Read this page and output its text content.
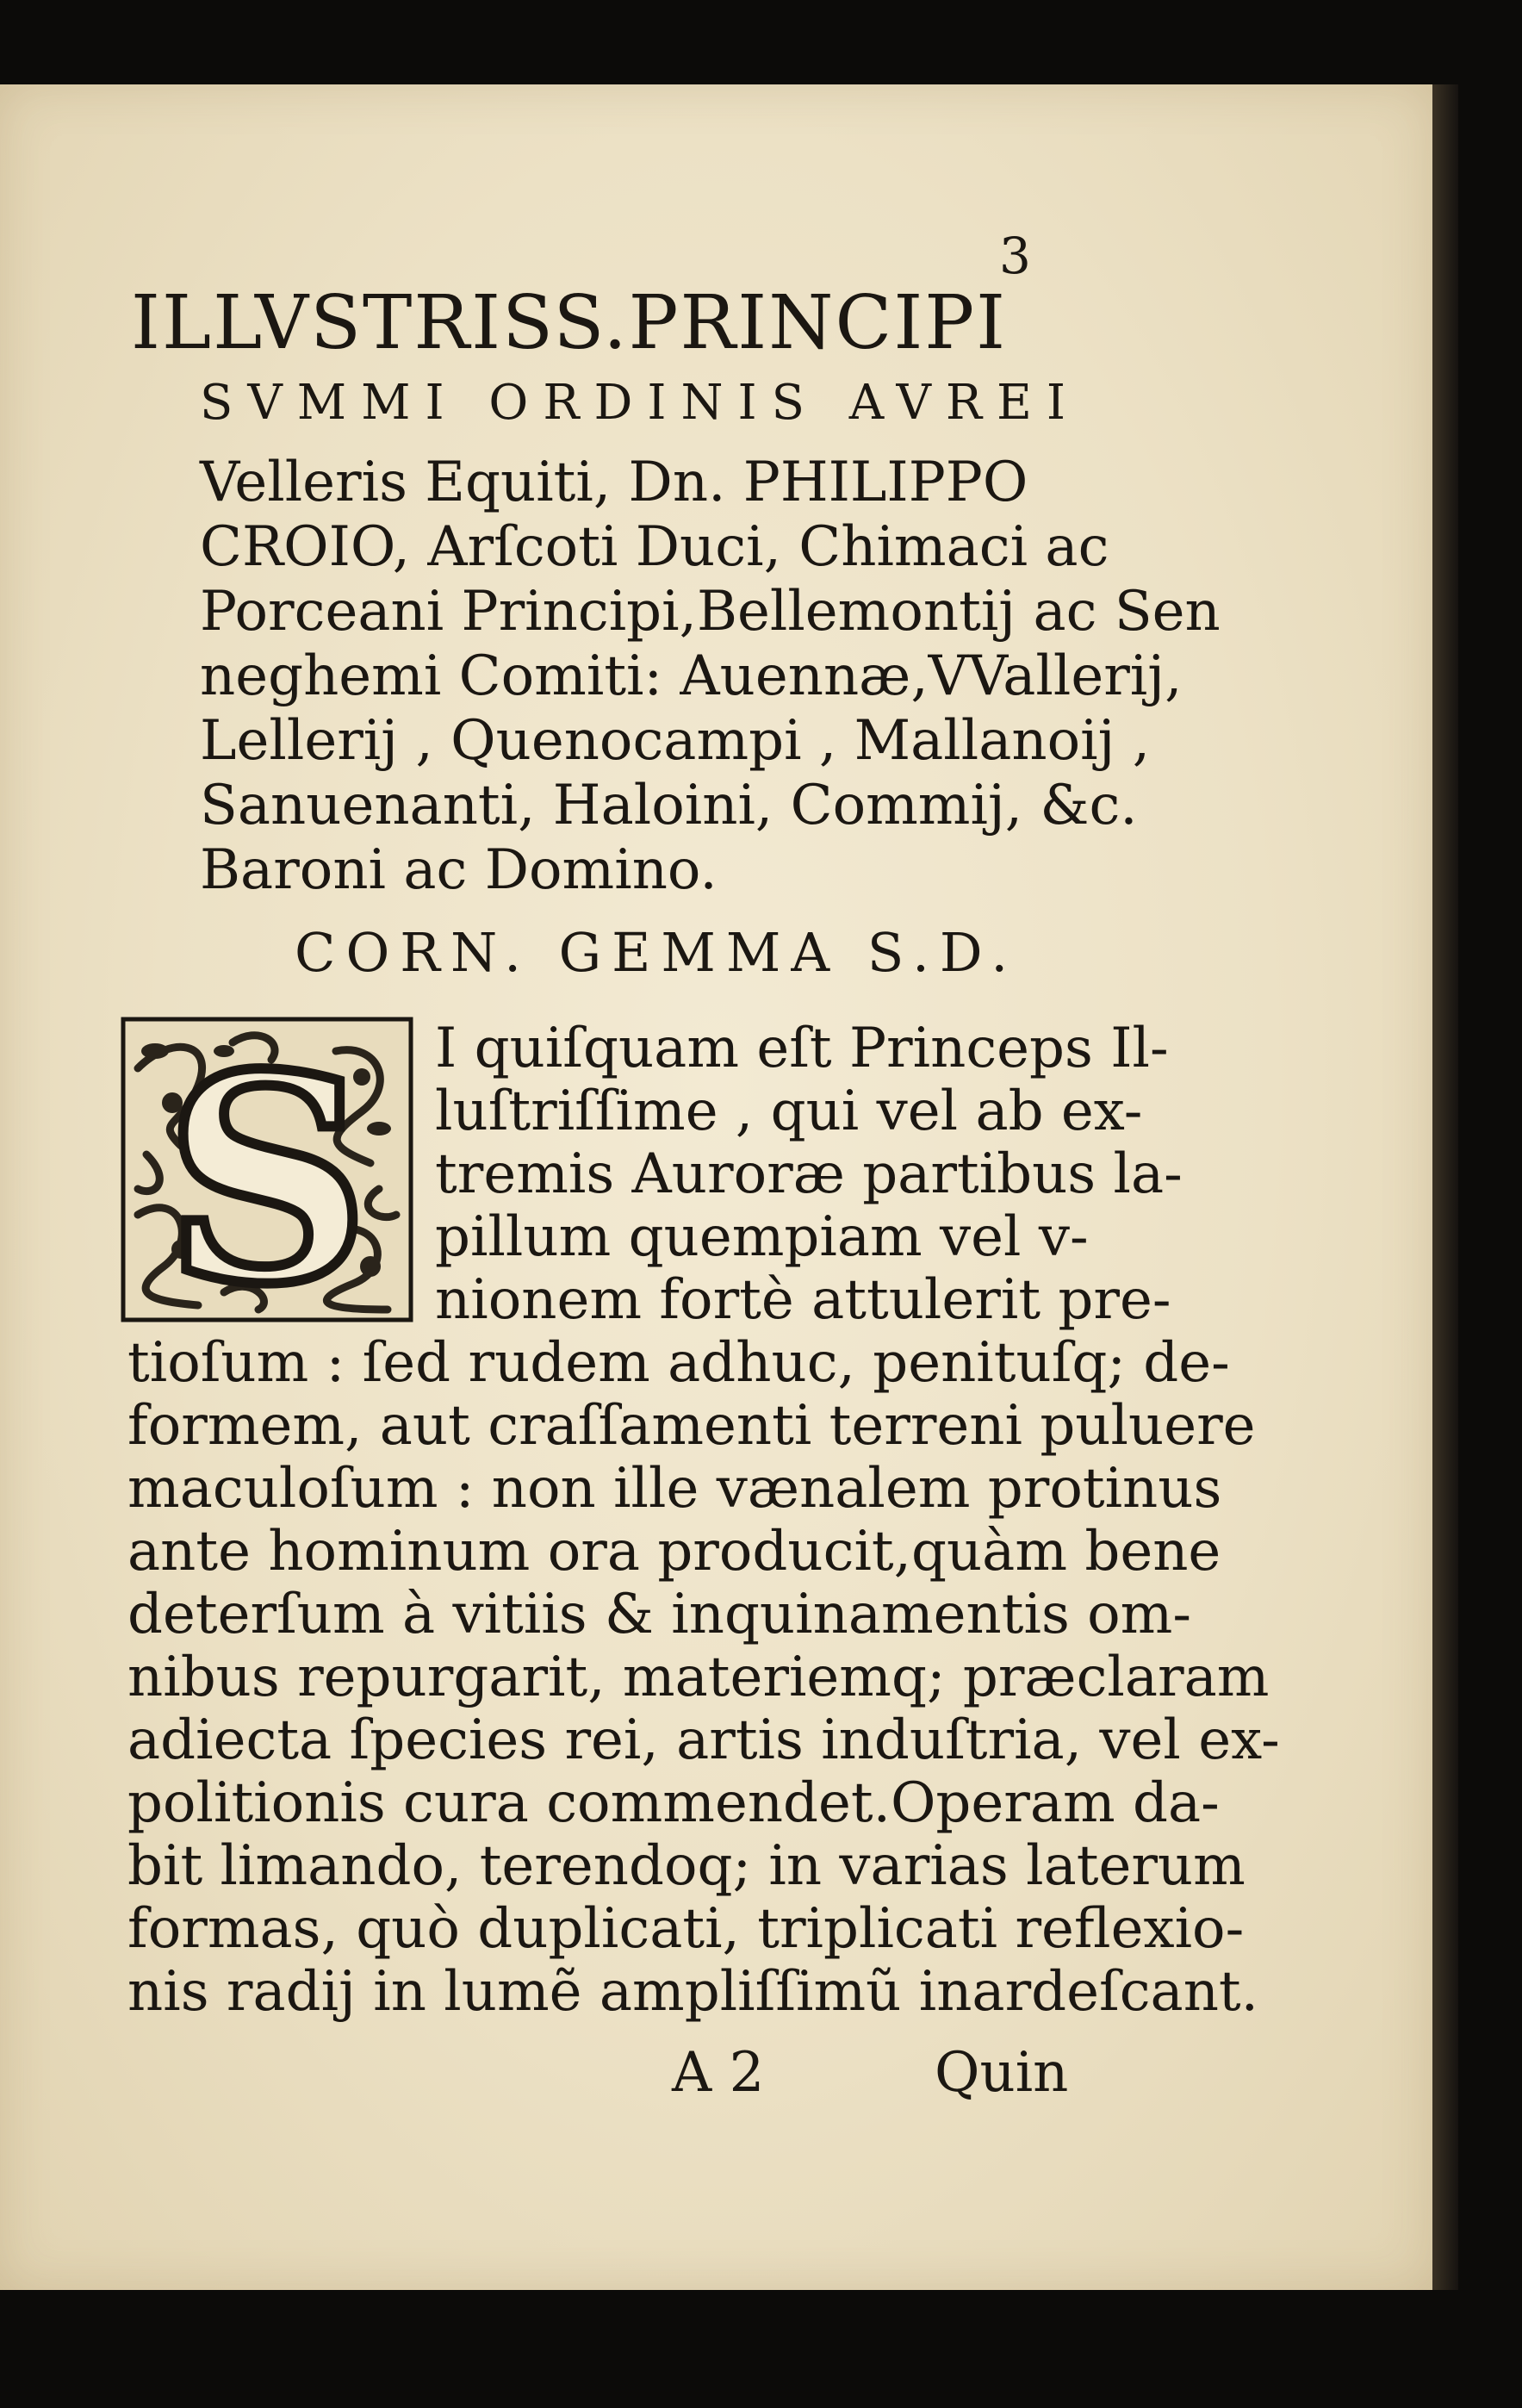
3
ILLVSTRISS.PRINCIPI
SVMMI ORDINIS AVREI
Velleris Equiti, Dn. PHILIPPO
CROIO, Arſcoti Duci, Chimaci ac
Porceani Principi,Bellemontij ac Sen
neghemi Comiti: Auennæ,VVallerij,
Lellerij , Quenocampi , Mallanoij ,
Sanuenanti, Haloini, Commij, &c.
Baroni ac Domino.
CORN. GEMMA S.D.
S I quiſquam eſt Princeps Il-
luſtriſſime , qui vel ab ex-
tremis Auroræ partibus la-
pillum quempiam vel v-
nionem fortè attulerit pre-
tioſum : ſed rudem adhuc, penituſq; de-
formem, aut craſſamenti terreni puluere
maculoſum : non ille vænalem protinus
ante hominum ora producit,quàm bene
deterſum à vitiis & inquinamentis om-
nibus repurgarit, materiemq; præclaram
adiecta ſpecies rei, artis induſtria, vel ex-
politionis cura commendet.Operam da-
bit limando, terendoq; in varias laterum
formas, quò duplicati, triplicati reflexio-
nis radij in lumẽ ampliſſimũ inardeſcant.
A 2	Quin
